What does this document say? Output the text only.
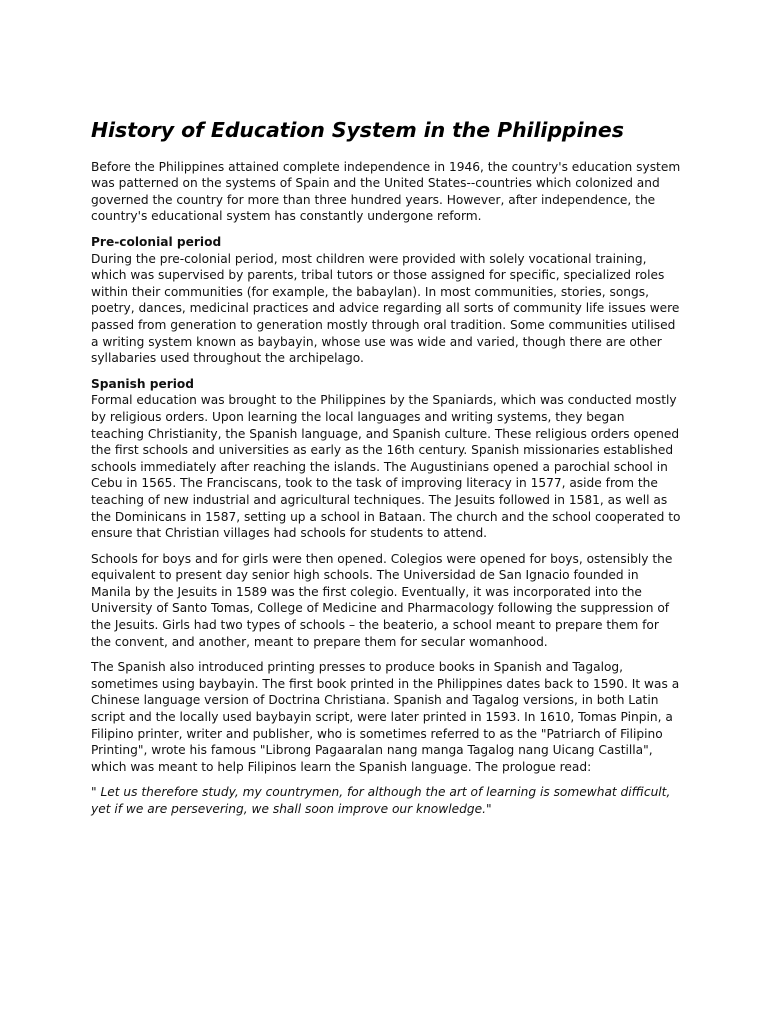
History of Education System in the Philippines

Before the Philippines attained complete independence in 1946, the country's education system was patterned on the systems of Spain and the United States--countries which colonized and governed the country for more than three hundred years. However, after independence, the country's educational system has constantly undergone reform.

Pre-colonial period
During the pre-colonial period, most children were provided with solely vocational training, which was supervised by parents, tribal tutors or those assigned for specific, specialized roles within their communities (for example, the babaylan). In most communities, stories, songs, poetry, dances, medicinal practices and advice regarding all sorts of community life issues were passed from generation to generation mostly through oral tradition. Some communities utilised a writing system known as baybayin, whose use was wide and varied, though there are other syllabaries used throughout the archipelago.

Spanish period
Formal education was brought to the Philippines by the Spaniards, which was conducted mostly by religious orders. Upon learning the local languages and writing systems, they began teaching Christianity, the Spanish language, and Spanish culture. These religious orders opened the first schools and universities as early as the 16th century. Spanish missionaries established schools immediately after reaching the islands. The Augustinians opened a parochial school in Cebu in 1565. The Franciscans, took to the task of improving literacy in 1577, aside from the teaching of new industrial and agricultural techniques. The Jesuits followed in 1581, as well as the Dominicans in 1587, setting up a school in Bataan. The church and the school cooperated to ensure that Christian villages had schools for students to attend.

Schools for boys and for girls were then opened. Colegios were opened for boys, ostensibly the equivalent to present day senior high schools. The Universidad de San Ignacio founded in Manila by the Jesuits in 1589 was the first colegio. Eventually, it was incorporated into the University of Santo Tomas, College of Medicine and Pharmacology following the suppression of the Jesuits. Girls had two types of schools – the beaterio, a school meant to prepare them for the convent, and another, meant to prepare them for secular womanhood.

The Spanish also introduced printing presses to produce books in Spanish and Tagalog, sometimes using baybayin. The first book printed in the Philippines dates back to 1590. It was a Chinese language version of Doctrina Christiana. Spanish and Tagalog versions, in both Latin script and the locally used baybayin script, were later printed in 1593. In 1610, Tomas Pinpin, a Filipino printer, writer and publisher, who is sometimes referred to as the "Patriarch of Filipino Printing", wrote his famous "Librong Pagaaralan nang manga Tagalog nang Uicang Castilla", which was meant to help Filipinos learn the Spanish language. The prologue read:

" Let us therefore study, my countrymen, for although the art of learning is somewhat difficult, yet if we are persevering, we shall soon improve our knowledge."
